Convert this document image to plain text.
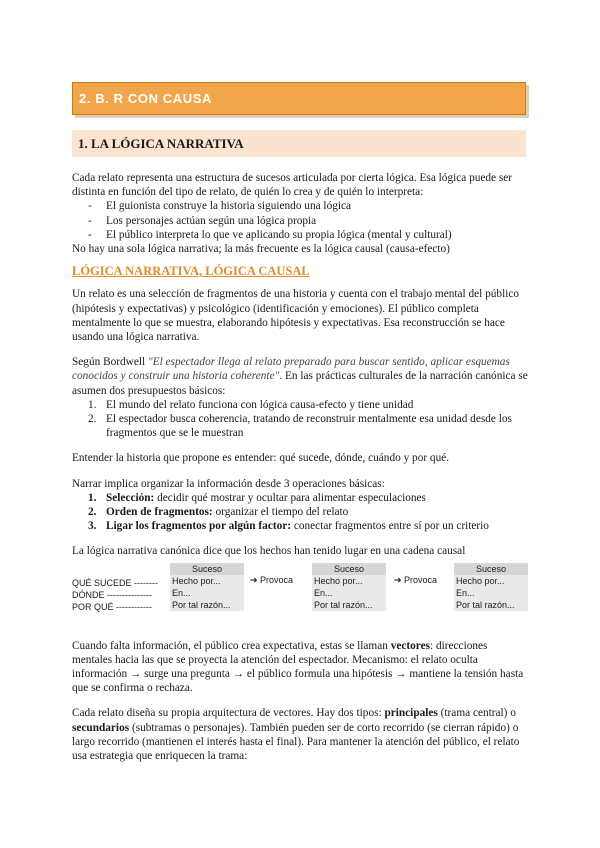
2. B. R CON CAUSA
1. LA LÓGICA NARRATIVA

Cada relato representa una estructura de sucesos articulada por cierta lógica. Esa lógica puede ser distinta en función del tipo de relato, de quién lo crea y de quién lo interpreta:

- El guionista construye la historia siguiendo una lógica
- Los personajes actúan según una lógica propia
- El público interpreta lo que ve aplicando su propia lógica (mental y cultural)

No hay una sola lógica narrativa; la más frecuente es la lógica causal (causa-efecto)

LÓGICA NARRATIVA, LÓGICA CAUSAL

Un relato es una selección de fragmentos de una historia y cuenta con el trabajo mental del público (hipótesis y expectativas) y psicológico (identificación y emociones). El público completa mentalmente lo que se muestra, elaborando hipótesis y expectativas. Esa reconstrucción se hace usando una lógica narrativa.

Según Bordwell "El espectador llega al relato preparado para buscar sentido, aplicar esquemas conocidos y construir una historia coherente". En las prácticas culturales de la narración canónica se asumen dos presupuestos básicos:

1. El mundo del relato funciona con lógica causa-efecto y tiene unidad
2. El espectador busca coherencia, tratando de reconstruir mentalmente esa unidad desde los fragmentos que se le muestran

Entender la historia que propone es entender: qué sucede, dónde, cuándo y por qué.

Narrar implica organizar la información desde 3 operaciones básicas:

1. Selección: decidir qué mostrar y ocultar para alimentar especulaciones
2. Orden de fragmentos: organizar el tiempo del relato
3. Ligar los fragmentos por algún factor: conectar fragmentos entre sí por un criterio

La lógica narrativa canónica dice que los hechos han tenido lugar en una cadena causal

QUÉ SUCEDE --------
DÓNDE ---------------
POR QUÉ ------------
Suceso
Hecho por...
En...
Por tal razón...
➔ Provoca
Suceso
Hecho por...
En...
Por tal razón...
➔ Provoca
Suceso
Hecho por...
En...
Por tal razón...

Cuando falta información, el público crea expectativa, estas se llaman vectores: direcciones mentales hacia las que se proyecta la atención del espectador. Mecanismo: el relato oculta información → surge una pregunta → el público formula una hipótesis → mantiene la tensión hasta que se confirma o rechaza.

Cada relato diseña su propia arquitectura de vectores. Hay dos tipos: principales (trama central) o secundarios (subtramas o personajes). También pueden ser de corto recorrido (se cierran rápido) o largo recorrido (mantienen el interés hasta el final). Para mantener la atención del público, el relato usa estrategia que enriquecen la trama:
